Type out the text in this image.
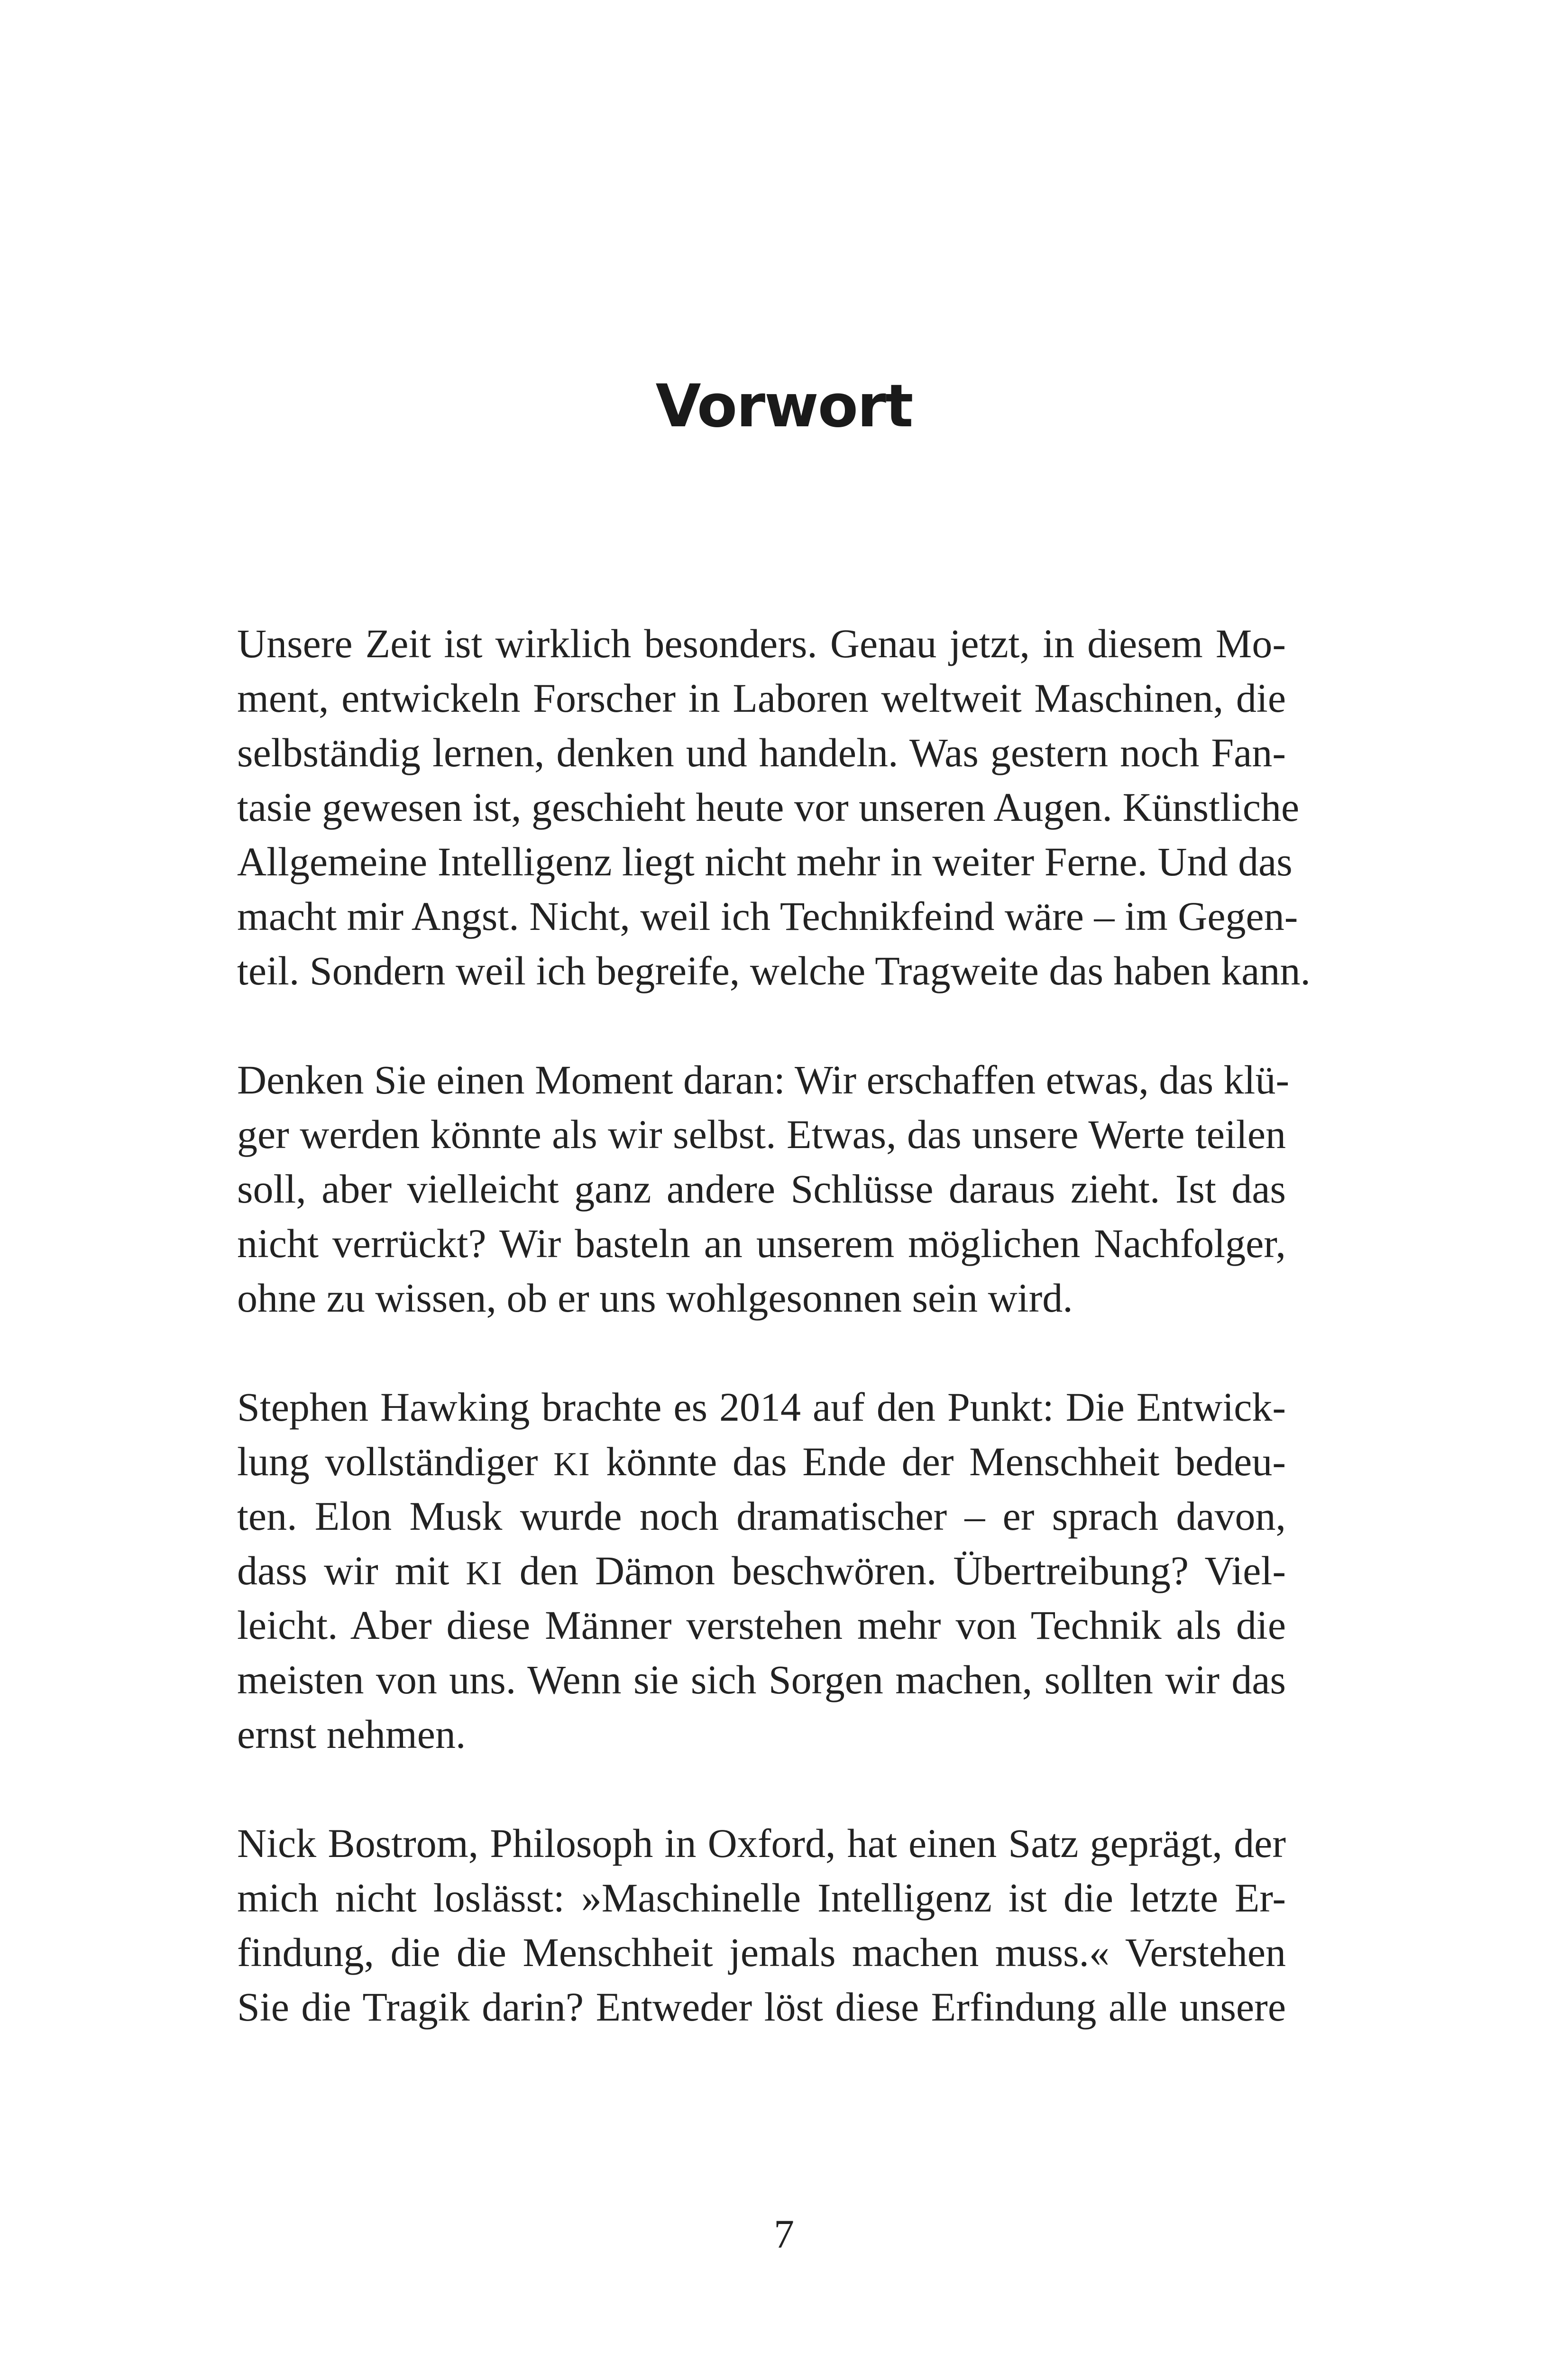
Vorwort
Unsere Zeit ist wirklich besonders. Genau jetzt, in diesem Mo-
ment, entwickeln Forscher in Laboren weltweit Maschinen, die
selbständig lernen, denken und handeln. Was gestern noch Fan-
tasie gewesen ist, geschieht heute vor unseren Augen. Künstliche
Allgemeine Intelligenz liegt nicht mehr in weiter Ferne. Und das
macht mir Angst. Nicht, weil ich Technikfeind wäre – im Gegen-
teil. Sondern weil ich begreife, welche Tragweite das haben kann.
Denken Sie einen Moment daran: Wir erschaffen etwas, das klü-
ger werden könnte als wir selbst. Etwas, das unsere Werte teilen
soll, aber vielleicht ganz andere Schlüsse daraus zieht. Ist das
nicht verrückt? Wir basteln an unserem möglichen Nachfolger,
ohne zu wissen, ob er uns wohlgesonnen sein wird.
Stephen Hawking brachte es 2014 auf den Punkt: Die Entwick-
lung vollständiger KI könnte das Ende der Menschheit bedeu-
ten. Elon Musk wurde noch dramatischer – er sprach davon,
dass wir mit KI den Dämon beschwören. Übertreibung? Viel-
leicht. Aber diese Männer verstehen mehr von Technik als die
meisten von uns. Wenn sie sich Sorgen machen, sollten wir das
ernst nehmen.
Nick Bostrom, Philosoph in Oxford, hat einen Satz geprägt, der
mich nicht loslässt: »Maschinelle Intelligenz ist die letzte Er-
findung, die die Menschheit jemals machen muss.« Verstehen
Sie die Tragik darin? Entweder löst diese Erfindung alle unsere
7
